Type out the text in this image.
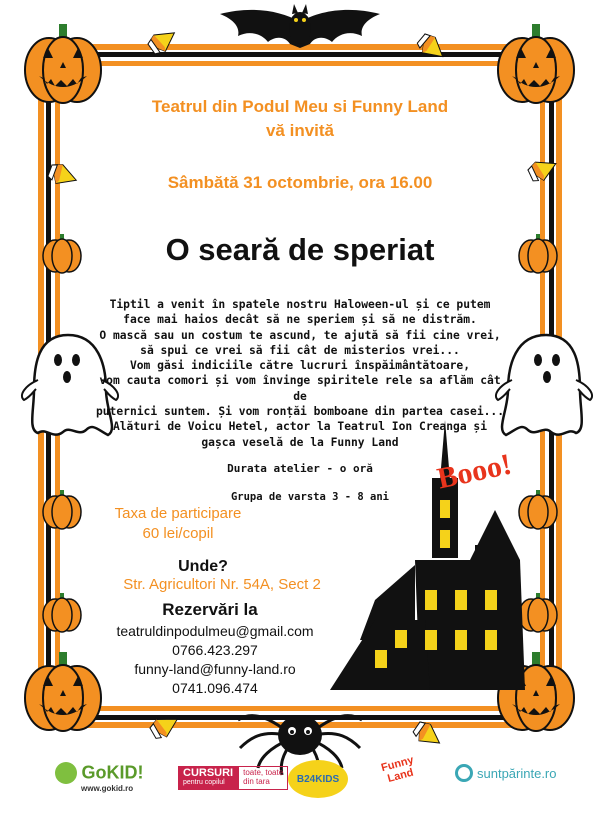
Teatrul din Podul Meu si Funny Land
vă invită
Sâmbătă 31 octombrie, ora 16.00
O seară de speriat
Tiptil a venit în spatele nostru Haloween-ul și ce putem
face mai haios decât să ne speriem și să ne distrăm.
O mască sau un costum te ascund, te ajută să fii cine vrei,
să spui ce vrei să fii cât de misterios vrei...
Vom găsi indiciile către lucruri înspăimântătoare,
vom cauta comori și vom învinge spiritele rele sa aflăm cât de
puternici suntem. Și vom ronțăi bomboane din partea casei...
Alături de Voicu Hetel, actor la Teatrul Ion Creanga și
gașca veselă de la Funny Land
Durata atelier - o oră
Grupa de varsta 3 - 8 ani
Taxa de participare
60 lei/copil
Unde?
Str. Agricultori Nr. 54A, Sect 2
Rezervări la
teatruldinpodulmeu@gmail.com
0766.423.297
funny-land@funny-land.ro
0741.096.474
Booo!
GoKID!
www.gokid.ro
CURSURI
pentru copilul
toate, toate
din tara	B24KIDS
Funny Land	suntpărinte.ro
